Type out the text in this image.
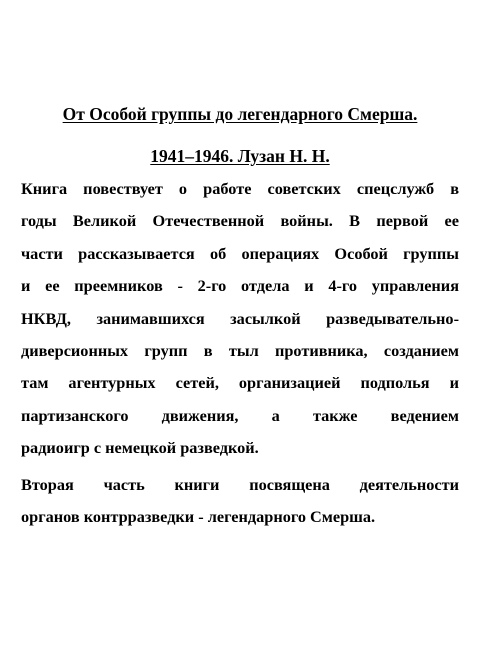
От Особой группы до легендарного Смерша.

1941–1946. Лузан Н. Н.

Книга повествует о работе советских спецслужб в

годы Великой Отечественной войны. В первой ее

части рассказывается об операциях Особой группы

и ее преемников - 2-го отдела и 4-го управления

НКВД, занимавшихся засылкой разведывательно-

диверсионных групп в тыл противника, созданием

там агентурных сетей, организацией подполья и

партизанского движения, а также ведением

радиоигр с немецкой разведкой.

Вторая часть книги посвящена деятельности

органов контрразведки - легендарного Смерша.
